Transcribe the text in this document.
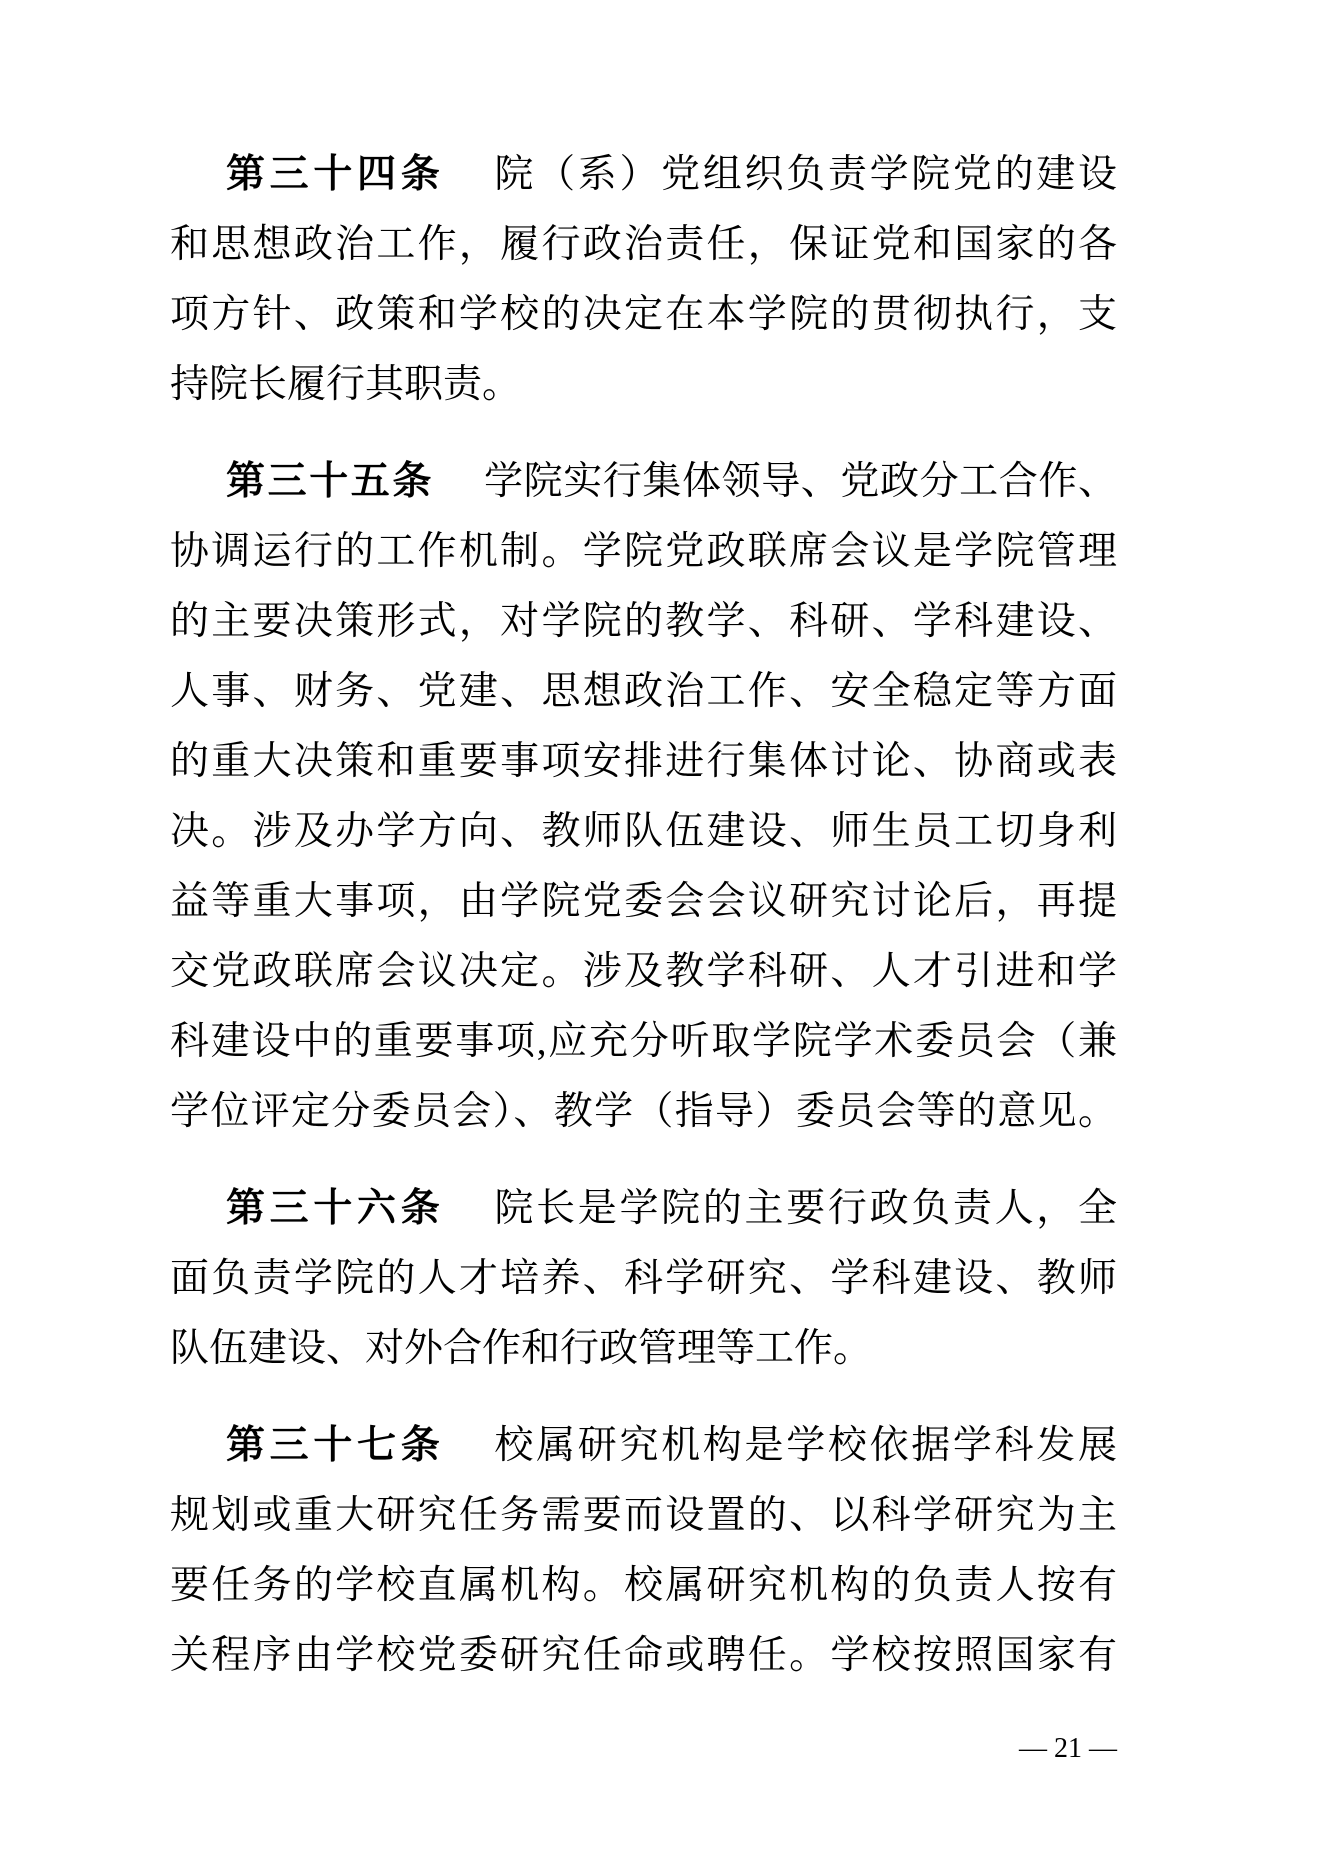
第三十四条 院（系）党组织负责学院党的建设
和思想政治工作，履行政治责任，保证党和国家的各
项方针、政策和学校的决定在本学院的贯彻执行，支
持院长履行其职责。
第三十五条 学院实行集体领导、党政分工合作、
协调运行的工作机制。学院党政联席会议是学院管理
的主要决策形式，对学院的教学、科研、学科建设、
人事、财务、党建、思想政治工作、安全稳定等方面
的重大决策和重要事项安排进行集体讨论、协商或表
决。涉及办学方向、教师队伍建设、师生员工切身利
益等重大事项，由学院党委会会议研究讨论后，再提
交党政联席会议决定。涉及教学科研、人才引进和学
科建设中的重要事项,应充分听取学院学术委员会（兼
学位评定分委员会）、教学（指导）委员会等的意见。
第三十六条 院长是学院的主要行政负责人，全
面负责学院的人才培养、科学研究、学科建设、教师
队伍建设、对外合作和行政管理等工作。
第三十七条 校属研究机构是学校依据学科发展
规划或重大研究任务需要而设置的、以科学研究为主
要任务的学校直属机构。校属研究机构的负责人按有
关程序由学校党委研究任命或聘任。学校按照国家有
— 21 —
